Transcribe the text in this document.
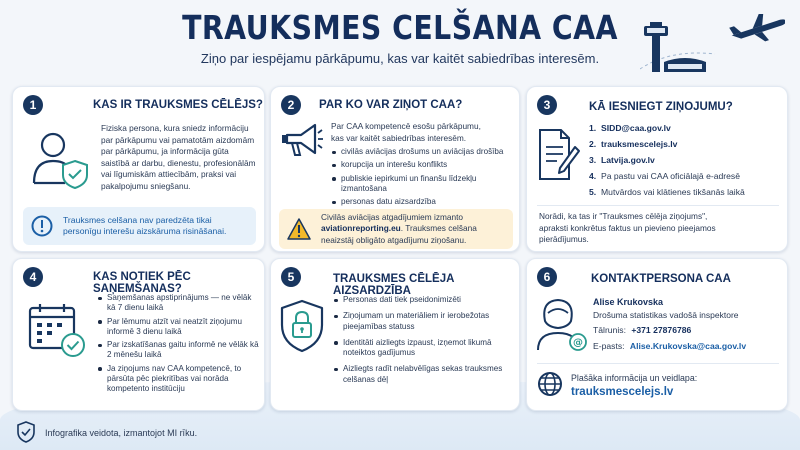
TRAUKSMES CELŠANA CAA
Ziņo par iespējamu pārkāpumu, kas var kaitēt sabiedrības interesēm.
1	KAS IR TRAUKSMES CĒLĒJS?
Fiziska persona, kura sniedz informāciju
par pārkāpumu vai pamatotām aizdomām
par pārkāpumu, ja informācija gūta
saistībā ar darbu, dienestu, profesionālām
vai līgumiskām attiecībām, praksi vai
pakalpojumu sniegšanu.
Trauksmes celšana nav paredzēta tikai
personīgu interešu aizskāruma risināšanai.
2	PAR KO VAR ZIŅOT CAA?
Par CAA kompetencē esošu pārkāpumu,
kas var kaitēt sabiedrības interesēm.
civilās aviācijas drošums un aviācijas drošība
korupcija un interešu konflikts
publiskie iepirkumi un finanšu līdzekļu izmantošana
personas datu aizsardzība
Civilās aviācijas atgadījumiem izmanto
aviationreporting.eu. Trauksmes celšana
neaizstāj obligāto atgadījumu ziņošanu.
3	KĀ IESNIEGT ZIŅOJUMU?
1. SIDD@caa.gov.lv
2. trauksmescelejs.lv
3. Latvija.gov.lv
4. Pa pastu vai CAA oficiālajā e-adresē
5. Mutvārdos vai klātienes tikšanās laikā
Norādi, ka tas ir "Trauksmes cēlēja ziņojums",
apraksti konkrētus faktus un pievieno pieejamos
pierādījumus.
4	KAS NOTIEK PĒC SAŅEMŠANAS?
Saņemšanas apstiprinājums — ne vēlāk kā 7 dienu laikā
Par lēmumu atzīt vai neatzīt ziņojumu informē 3 dienu laikā
Par izskatīšanas gaitu informē ne vēlāk kā 2 mēnešu laikā
Ja ziņojums nav CAA kompetencē, to pārsūta pēc piekritības vai norāda kompetento institūciju
5	TRAUKSMES CĒLĒJA AIZSARDZĪBA
Personas dati tiek pseidonimizēti
Ziņojumam un materiāliem ir ierobežotas pieejamības statuss
Identitāti aizliegts izpaust, izņemot likumā noteiktos gadījumus
Aizliegts radīt nelabvēlīgas sekas trauksmes celšanas dēļ
6	KONTAKTPERSONA CAA
@
Alise Krukovska
Drošuma statistikas vadošā inspektore
Tālrunis: +371 27876786
E-pasts: Alise.Krukovska@caa.gov.lv
Plašāka informācija un veidlapa:
trauksmescelejs.lv
Infografika veidota, izmantojot MI rīku.
